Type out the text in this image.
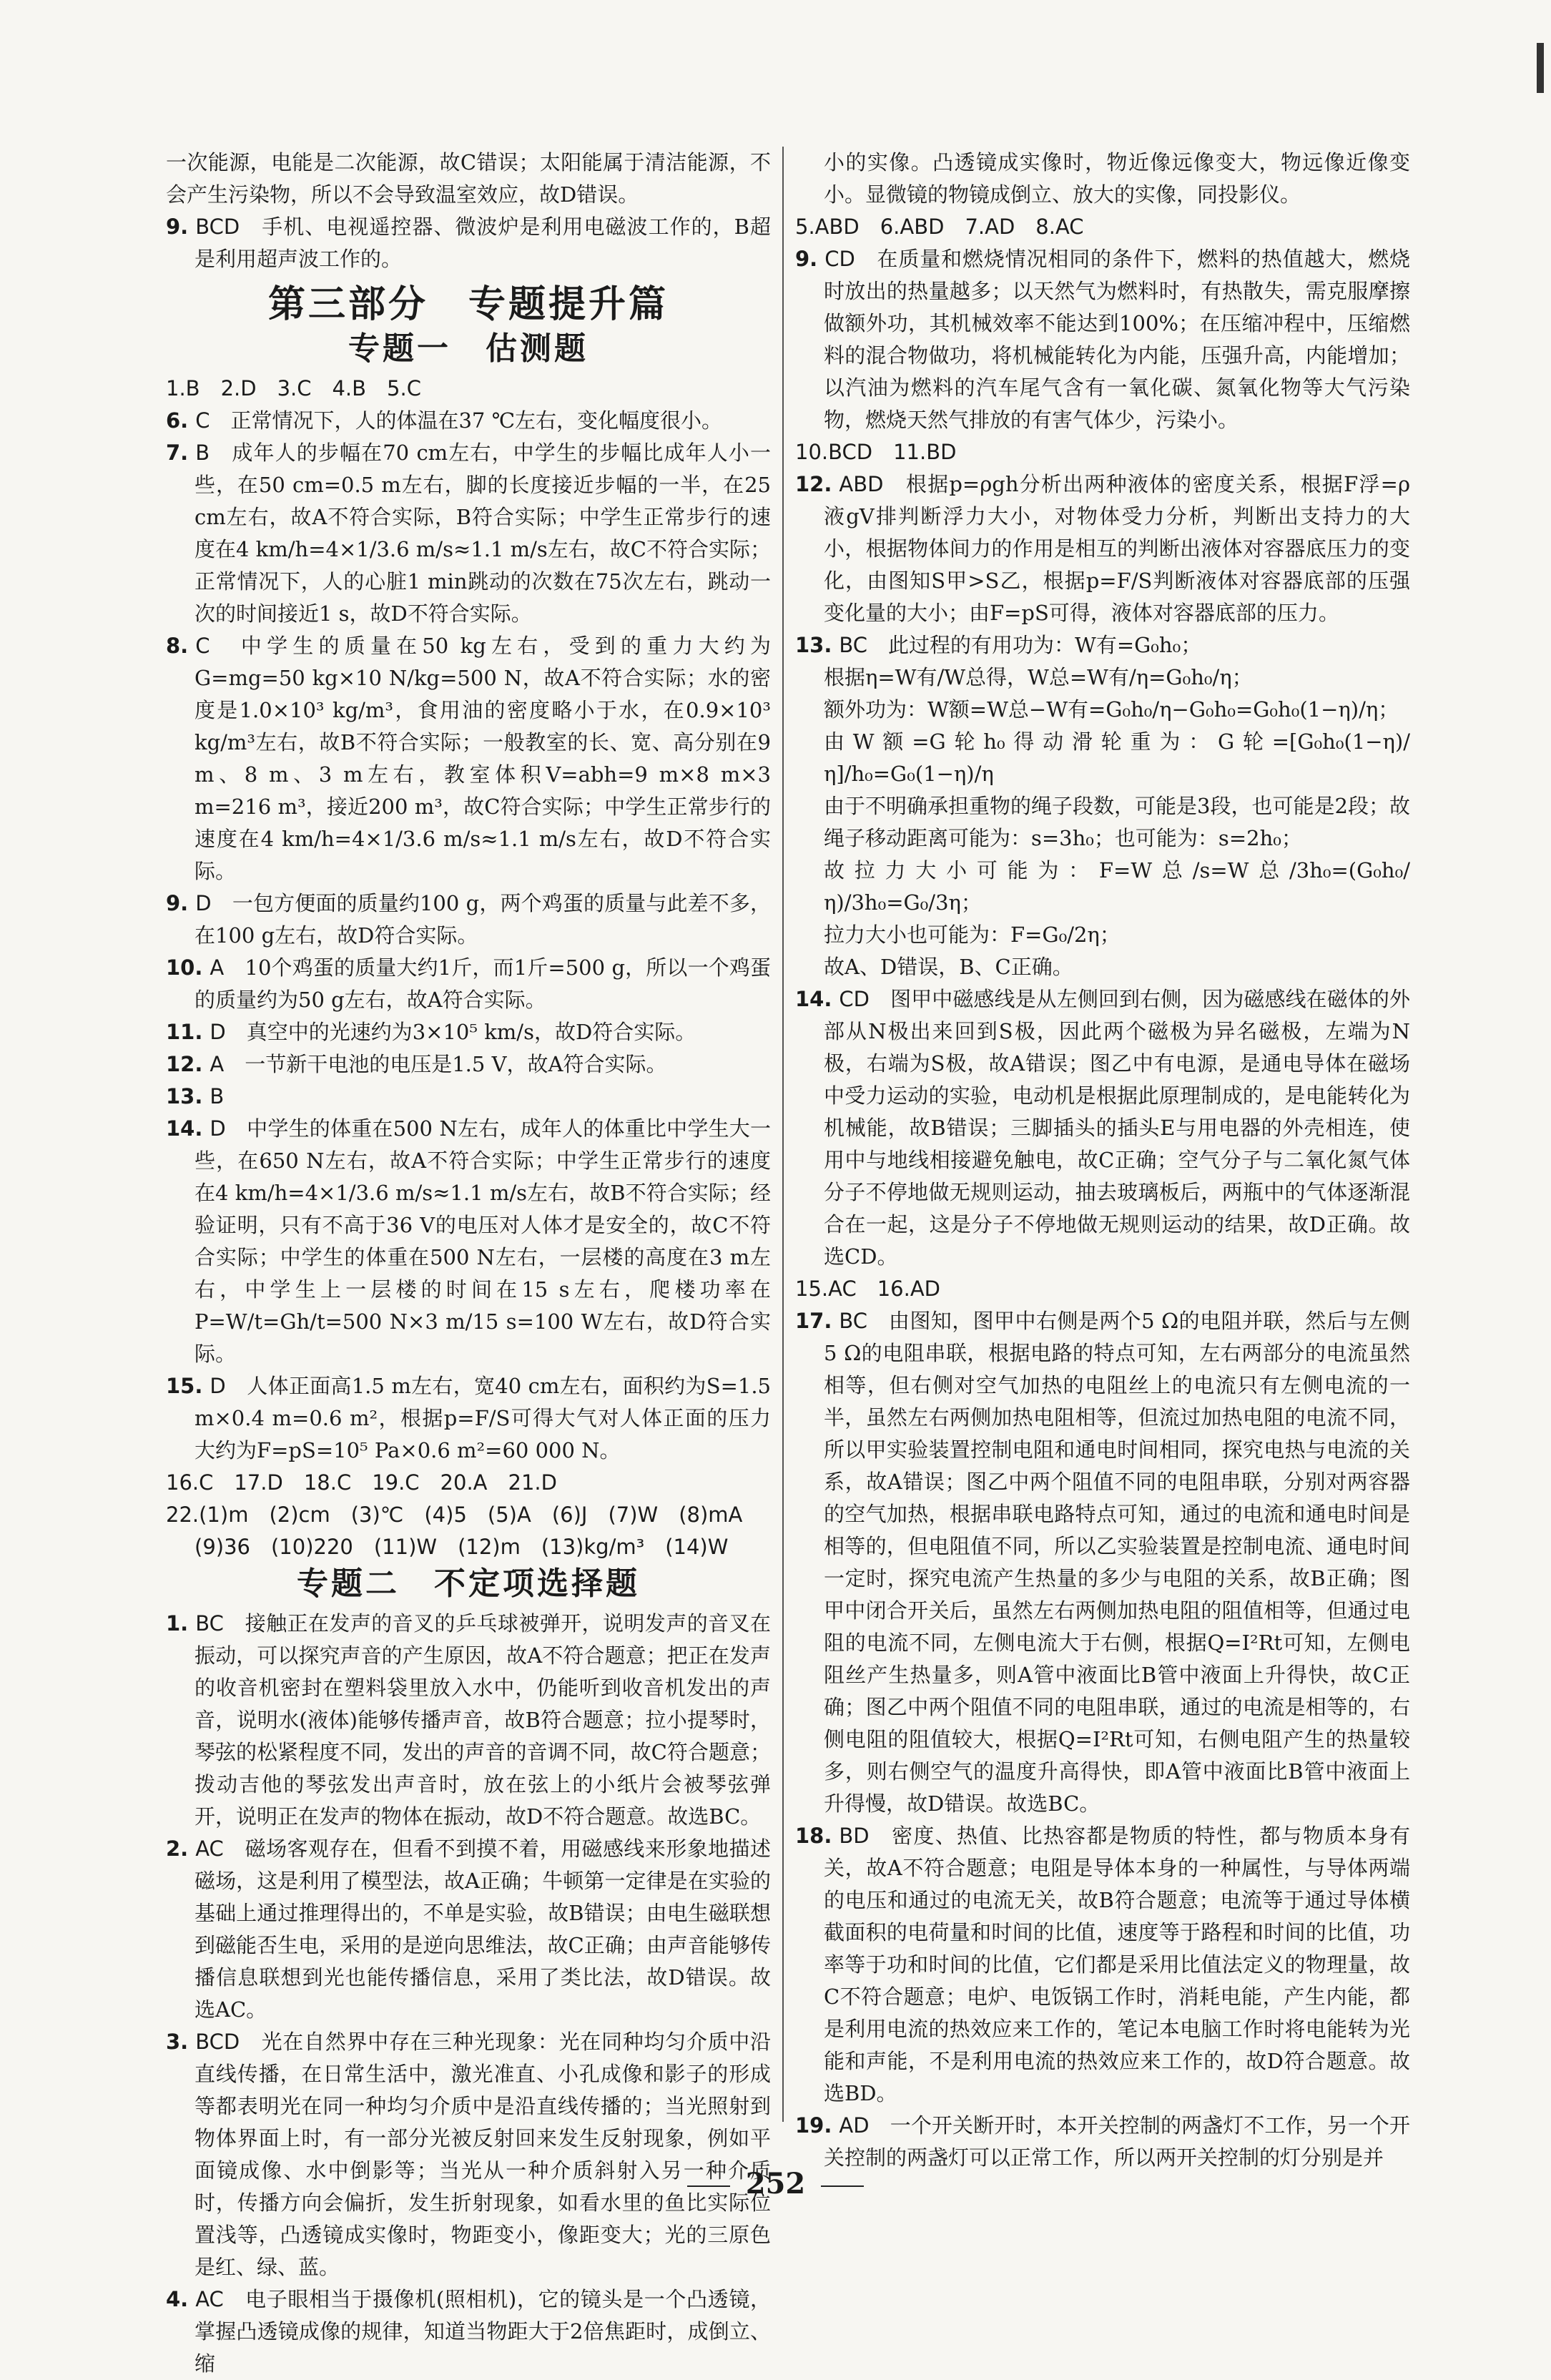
一次能源，电能是二次能源，故C错误；太阳能属于清洁能源，不会产生污染物，所以不会导致温室效应，故D错误。

9. BCD　 手机、电视遥控器、微波炉是利用电磁波工作的，B超是利用超声波工作的。

第三部分　专题提升篇
专题一　估测题

1.B　2.D　3.C　4.B　5.C

6. C　 正常情况下，人的体温在37 ℃左右，变化幅度很小。

7. B　 成年人的步幅在70 cm左右，中学生的步幅比成年人小一些，在50 cm=0.5 m左右，脚的长度接近步幅的一半，在25 cm左右，故A不符合实际，B符合实际；中学生正常步行的速度在4 km/h=4×1/3.6 m/s≈1.1 m/s左右，故C不符合实际；正常情况下，人的心脏1 min跳动的次数在75次左右，跳动一次的时间接近1 s，故D不符合实际。

8. C　 中学生的质量在50 kg左右，受到的重力大约为G=mg=50 kg×10 N/kg=500 N，故A不符合实际；水的密度是1.0×10³ kg/m³，食用油的密度略小于水，在0.9×10³ kg/m³左右，故B不符合实际；一般教室的长、宽、高分别在9 m、8 m、3 m左右，教室体积V=abh=9 m×8 m×3 m=216 m³，接近200 m³，故C符合实际；中学生正常步行的速度在4 km/h=4×1/3.6 m/s≈1.1 m/s左右，故D不符合实际。

9. D　 一包方便面的质量约100 g，两个鸡蛋的质量与此差不多，在100 g左右，故D符合实际。

10. A　 10个鸡蛋的质量大约1斤，而1斤=500 g，所以一个鸡蛋的质量约为50 g左右，故A符合实际。

11. D　 真空中的光速约为3×10⁵ km/s，故D符合实际。

12. A　 一节新干电池的电压是1.5 V，故A符合实际。

13. B

14. D　 中学生的体重在500 N左右，成年人的体重比中学生大一些，在650 N左右，故A不符合实际；中学生正常步行的速度在4 km/h=4×1/3.6 m/s≈1.1 m/s左右，故B不符合实际；经验证明，只有不高于36 V的电压对人体才是安全的，故C不符合实际；中学生的体重在500 N左右，一层楼的高度在3 m左右，中学生上一层楼的时间在15 s左右，爬楼功率在P=W/t=Gh/t=500 N×3 m/15 s=100 W左右，故D符合实际。

15. D　 人体正面高1.5 m左右，宽40 cm左右，面积约为S=1.5 m×0.4 m=0.6 m²，根据p=F/S可得大气对人体正面的压力大约为F=pS=10⁵ Pa×0.6 m²=60 000 N。

16.C　17.D　18.C　19.C　20.A　21.D

22.(1)m　(2)cm　(3)℃　(4)5　(5)A　(6)J　(7)W　(8)mA

(9)36　(10)220　(11)W　(12)m　(13)kg/m³　(14)W

专题二　不定项选择题

1. BC　 接触正在发声的音叉的乒乓球被弹开，说明发声的音叉在振动，可以探究声音的产生原因，故A不符合题意；把正在发声的收音机密封在塑料袋里放入水中，仍能听到收音机发出的声音，说明水(液体)能够传播声音，故B符合题意；拉小提琴时，琴弦的松紧程度不同，发出的声音的音调不同，故C符合题意；拨动吉他的琴弦发出声音时，放在弦上的小纸片会被琴弦弹开，说明正在发声的物体在振动，故D不符合题意。故选BC。

2. AC　 磁场客观存在，但看不到摸不着，用磁感线来形象地描述磁场，这是利用了模型法，故A正确；牛顿第一定律是在实验的基础上通过推理得出的，不单是实验，故B错误；由电生磁联想到磁能否生电，采用的是逆向思维法，故C正确；由声音能够传播信息联想到光也能传播信息，采用了类比法，故D错误。故选AC。

3. BCD　 光在自然界中存在三种光现象：光在同种均匀介质中沿直线传播，在日常生活中，激光准直、小孔成像和影子的形成等都表明光在同一种均匀介质中是沿直线传播的；当光照射到物体界面上时，有一部分光被反射回来发生反射现象，例如平面镜成像、水中倒影等；当光从一种介质斜射入另一种介质时，传播方向会偏折，发生折射现象，如看水里的鱼比实际位置浅等，凸透镜成实像时，物距变小，像距变大；光的三原色是红、绿、蓝。

4. AC　 电子眼相当于摄像机(照相机)，它的镜头是一个凸透镜，掌握凸透镜成像的规律，知道当物距大于2倍焦距时，成倒立、缩

小的实像。凸透镜成实像时，物近像远像变大，物远像近像变小。显微镜的物镜成倒立、放大的实像，同投影仪。

5.ABD　6.ABD　7.AD　8.AC

9. CD　 在质量和燃烧情况相同的条件下，燃料的热值越大，燃烧时放出的热量越多；以天然气为燃料时，有热散失，需克服摩擦做额外功，其机械效率不能达到100%；在压缩冲程中，压缩燃料的混合物做功，将机械能转化为内能，压强升高，内能增加；以汽油为燃料的汽车尾气含有一氧化碳、氮氧化物等大气污染物，燃烧天然气排放的有害气体少，污染小。

10.BCD　11.BD

12. ABD　 根据p=ρgh分析出两种液体的密度关系，根据F浮=ρ液gV排判断浮力大小，对物体受力分析，判断出支持力的大小，根据物体间力的作用是相互的判断出液体对容器底压力的变化，由图知S甲>S乙，根据p=F/S判断液体对容器底部的压强变化量的大小；由F=pS可得，液体对容器底部的压力。

13. BC　 此过程的有用功为：W有=G₀h₀；

根据η=W有/W总得，W总=W有/η=G₀h₀/η；

额外功为：W额=W总−W有=G₀h₀/η−G₀h₀=G₀h₀(1−η)/η；

由W额=G轮h₀得动滑轮重为：G轮=[G₀h₀(1−η)/η]/h₀=G₀(1−η)/η

由于不明确承担重物的绳子段数，可能是3段，也可能是2段；故绳子移动距离可能为：s=3h₀；也可能为：s=2h₀；

故拉力大小可能为：F=W总/s=W总/3h₀=(G₀h₀/η)/3h₀=G₀/3η；

拉力大小也可能为：F=G₀/2η；

故A、D错误，B、C正确。

14. CD　 图甲中磁感线是从左侧回到右侧，因为磁感线在磁体的外部从N极出来回到S极，因此两个磁极为异名磁极，左端为N极，右端为S极，故A错误；图乙中有电源，是通电导体在磁场中受力运动的实验，电动机是根据此原理制成的，是电能转化为机械能，故B错误；三脚插头的插头E与用电器的外壳相连，使用中与地线相接避免触电，故C正确；空气分子与二氧化氮气体分子不停地做无规则运动，抽去玻璃板后，两瓶中的气体逐渐混合在一起，这是分子不停地做无规则运动的结果，故D正确。故选CD。

15.AC　16.AD

17. BC　 由图知，图甲中右侧是两个5 Ω的电阻并联，然后与左侧5 Ω的电阻串联，根据电路的特点可知，左右两部分的电流虽然相等，但右侧对空气加热的电阻丝上的电流只有左侧电流的一半，虽然左右两侧加热电阻相等，但流过加热电阻的电流不同，所以甲实验装置控制电阻和通电时间相同，探究电热与电流的关系，故A错误；图乙中两个阻值不同的电阻串联，分别对两容器的空气加热，根据串联电路特点可知，通过的电流和通电时间是相等的，但电阻值不同，所以乙实验装置是控制电流、通电时间一定时，探究电流产生热量的多少与电阻的关系，故B正确；图甲中闭合开关后，虽然左右两侧加热电阻的阻值相等，但通过电阻的电流不同，左侧电流大于右侧，根据Q=I²Rt可知，左侧电阻丝产生热量多，则A管中液面比B管中液面上升得快，故C正确；图乙中两个阻值不同的电阻串联，通过的电流是相等的，右侧电阻的阻值较大，根据Q=I²Rt可知，右侧电阻产生的热量较多，则右侧空气的温度升高得快，即A管中液面比B管中液面上升得慢，故D错误。故选BC。

18. BD　 密度、热值、比热容都是物质的特性，都与物质本身有关，故A不符合题意；电阻是导体本身的一种属性，与导体两端的电压和通过的电流无关，故B符合题意；电流等于通过导体横截面积的电荷量和时间的比值，速度等于路程和时间的比值，功率等于功和时间的比值，它们都是采用比值法定义的物理量，故C不符合题意；电炉、电饭锅工作时，消耗电能，产生内能，都是利用电流的热效应来工作的，笔记本电脑工作时将电能转为光能和声能，不是利用电流的热效应来工作的，故D符合题意。故选BD。

19. AD　 一个开关断开时，本开关控制的两盏灯不工作，另一个开关控制的两盏灯可以正常工作，所以两开关控制的灯分别是并

252
